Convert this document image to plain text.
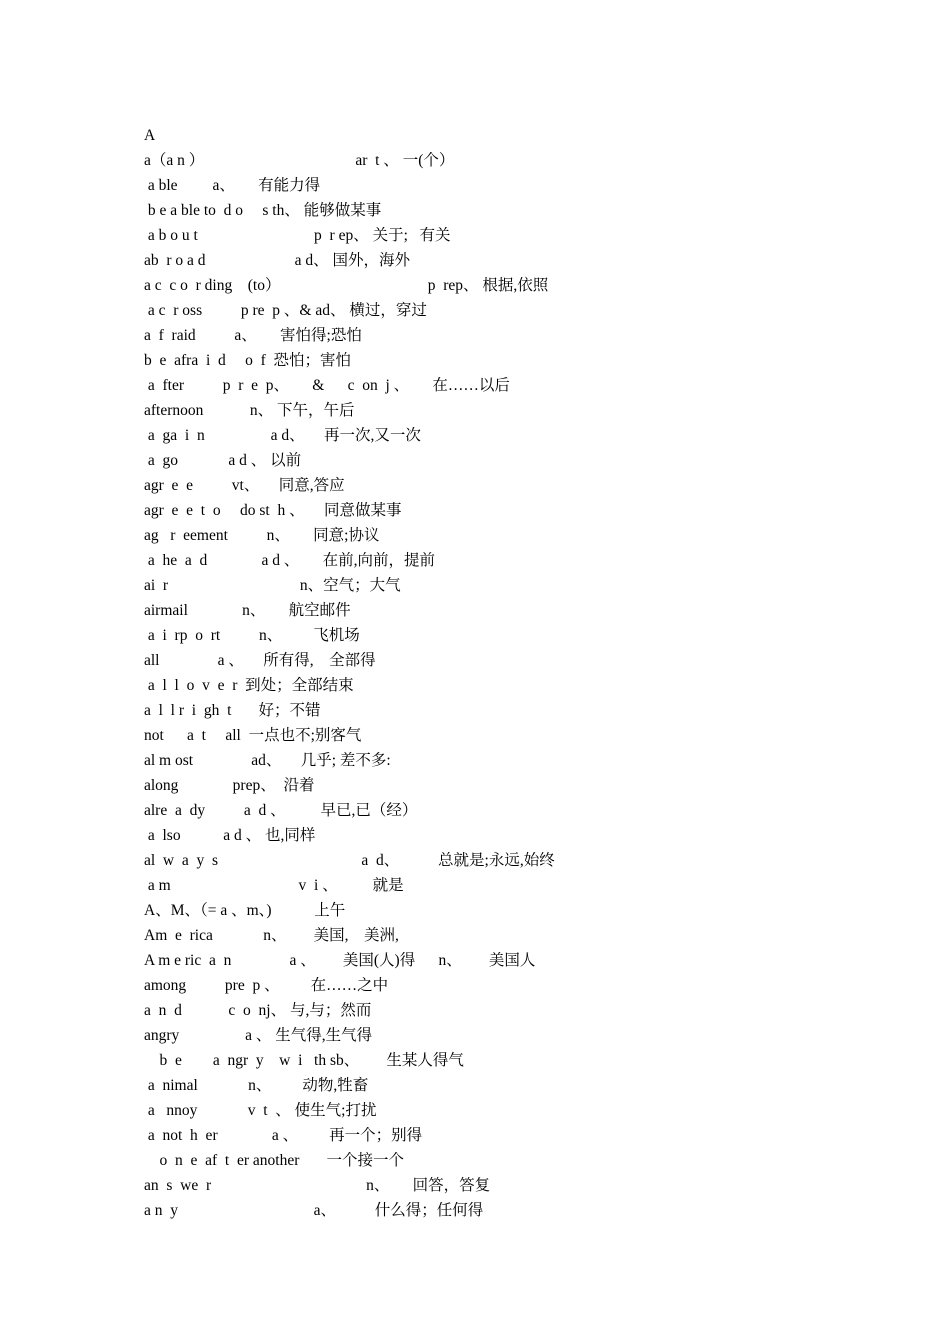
A
a（a n ）                                       ar  t 、 一(个）
a ble         a、      有能力得
b e a ble to  d o     s th、 能够做某事
a b o u t                              p  r ep、 关于;   有关
ab  r o a d                       a d、 国外，海外
a c  c o  r ding    (to）                                      p  rep、 根据,依照
a c  r oss          p re  p 、& ad、 横过，穿过
a  f  raid          a、      害怕得;恐怕
b  e  afra  i  d     o  f  恐怕；害怕
a  fter          p  r  e  p、      &      c  on  j 、      在……以后
afternoon            n、 下午，午后
a  ga  i  n                 a d、     再一次,又一次
a  go             a d 、 以前
agr  e  e          vt、     同意,答应
agr  e  e  t  o     do st  h 、     同意做某事
ag   r  eement          n、      同意;协议
a  he  a  d              a d 、      在前,向前，提前
ai  r                                  n、空气；大气
airmail              n、      航空邮件
a  i  rp  o  rt          n、        飞机场
all               a 、     所有得,    全部得
a  l  l  o  v  e  r  到处；全部结束
a  l  l r  i  gh  t       好；不错
not      a  t     all  一点也不;别客气
al m ost               ad、     几乎; 差不多:
along              prep、  沿着
alre  a  dy          a  d 、         早已,已（经）
a  lso           a d 、 也,同样
al  w  a  y  s                                     a  d、          总就是;永远,始终
a m                                 v  i 、         就是
A、M、（= a 、m、)           上午
Am  e  rica             n、       美国,    美洲,
A m e ric  a  n               a 、       美国(人)得      n、       美国人
among          pre  p 、        在……之中
a  n  d            c  o  nj、 与,与；然而
angry                 a 、 生气得,生气得
b  e        a  ngr  y    w  i   th sb、       生某人得气
a  nimal             n、        动物,牲畜
a   nnoy             v  t  、 使生气;打扰
a  not  h  er              a 、        再一个；别得
o  n  e  af  t  er another       一个接一个
an  s  we  r                                        n、      回答，答复
a n  y                                   a、          什么得；任何得
